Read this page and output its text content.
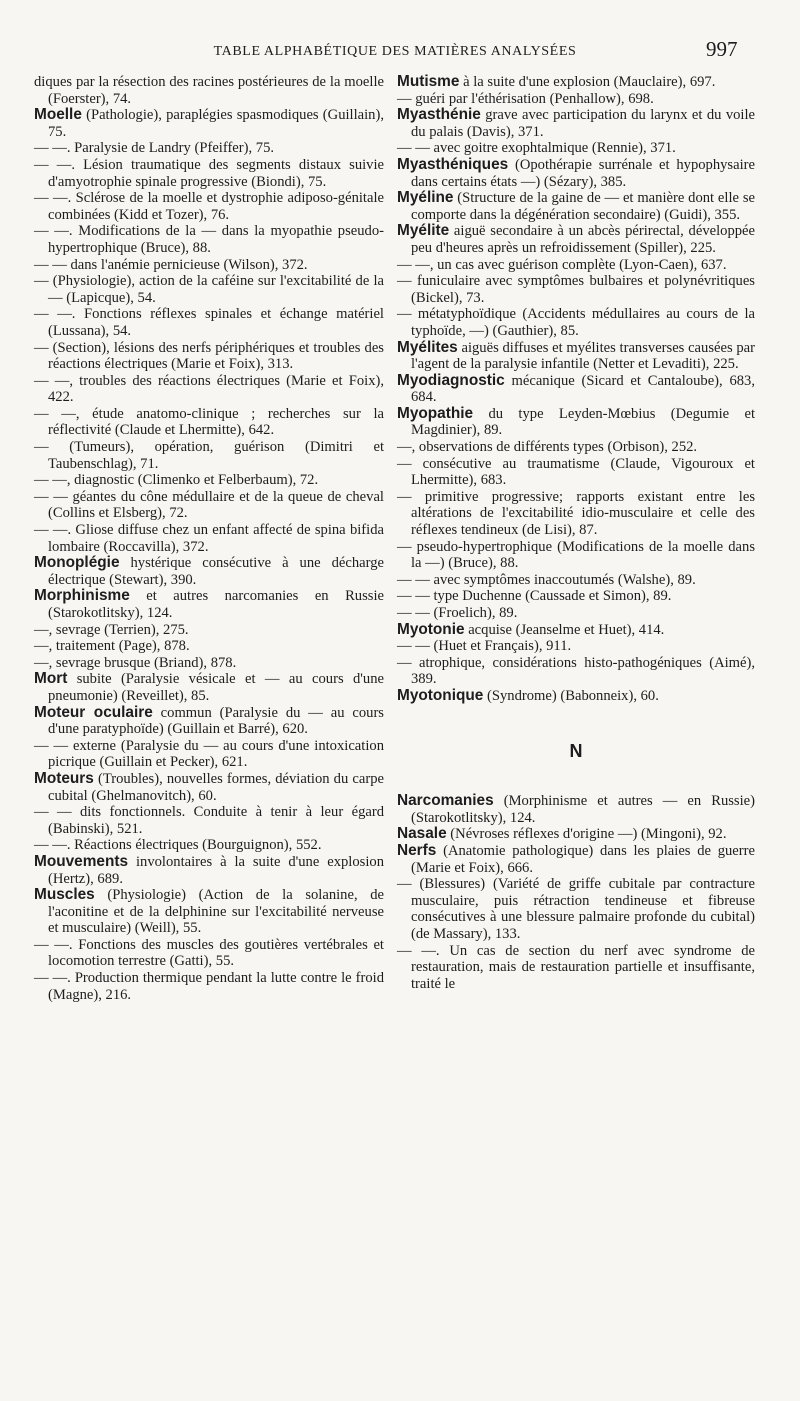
TABLE ALPHABÉTIQUE DES MATIÈRES ANALYSÉES	997

diques par la résection des racines postérieures de la moelle (Foerster), 74.

Moelle (Pathologie), paraplégies spasmodiques (Guillain), 75.

— —. Paralysie de Landry (Pfeiffer), 75.

— —. Lésion traumatique des segments distaux suivie d'amyotrophie spinale progressive (Biondi), 75.

— —. Sclérose de la moelle et dystrophie adiposo-génitale combinées (Kidd et Tozer), 76.

— —. Modifications de la — dans la myopathie pseudo-hypertrophique (Bruce), 88.

— — dans l'anémie pernicieuse (Wilson), 372.

— (Physiologie), action de la caféine sur l'excitabilité de la — (Lapicque), 54.

— —. Fonctions réflexes spinales et échange matériel (Lussana), 54.

— (Section), lésions des nerfs périphériques et troubles des réactions électriques (Marie et Foix), 313.

— —, troubles des réactions électriques (Marie et Foix), 422.

— —, étude anatomo-clinique ; recherches sur la réflectivité (Claude et Lhermitte), 642.

— (Tumeurs), opération, guérison (Dimitri et Taubenschlag), 71.

— —, diagnostic (Climenko et Felberbaum), 72.

— — géantes du cône médullaire et de la queue de cheval (Collins et Elsberg), 72.

— —. Gliose diffuse chez un enfant affecté de spina bifida lombaire (Roccavilla), 372.

Monoplégie hystérique consécutive à une décharge électrique (Stewart), 390.

Morphinisme et autres narcomanies en Russie (Starokotlitsky), 124.

—, sevrage (Terrien), 275.

—, traitement (Page), 878.

—, sevrage brusque (Briand), 878.

Mort subite (Paralysie vésicale et — au cours d'une pneumonie) (Reveillet), 85.

Moteur oculaire commun (Paralysie du — au cours d'une paratyphoïde) (Guillain et Barré), 620.

— — externe (Paralysie du — au cours d'une intoxication picrique (Guillain et Pecker), 621.

Moteurs (Troubles), nouvelles formes, déviation du carpe cubital (Ghelmanovitch), 60.

— — dits fonctionnels. Conduite à tenir à leur égard (Babinski), 521.

— —. Réactions électriques (Bourguignon), 552.

Mouvements involontaires à la suite d'une explosion (Hertz), 689.

Muscles (Physiologie) (Action de la solanine, de l'aconitine et de la delphinine sur l'excitabilité nerveuse et musculaire) (Weill), 55.

— —. Fonctions des muscles des goutières vertébrales et locomotion terrestre (Gatti), 55.

— —. Production thermique pendant la lutte contre le froid (Magne), 216.

Mutisme à la suite d'une explosion (Mauclaire), 697.

— guéri par l'éthérisation (Penhallow), 698.

Myasthénie grave avec participation du larynx et du voile du palais (Davis), 371.

— — avec goitre exophtalmique (Rennie), 371.

Myasthéniques (Opothérapie surrénale et hypophysaire dans certains états —) (Sézary), 385.

Myéline (Structure de la gaine de — et manière dont elle se comporte dans la dégénération secondaire) (Guidi), 355.

Myélite aiguë secondaire à un abcès périrectal, développée peu d'heures après un refroidissement (Spiller), 225.

— —, un cas avec guérison complète (Lyon-Caen), 637.

— funiculaire avec symptômes bulbaires et polynévritiques (Bickel), 73.

— métatyphoïdique (Accidents médullaires au cours de la typhoïde, —) (Gauthier), 85.

Myélites aiguës diffuses et myélites transverses causées par l'agent de la paralysie infantile (Netter et Levaditi), 225.

Myodiagnostic mécanique (Sicard et Cantaloube), 683, 684.

Myopathie du type Leyden-Mœbius (Degumie et Magdinier), 89.

—, observations de différents types (Orbison), 252.

— consécutive au traumatisme (Claude, Vigouroux et Lhermitte), 683.

— primitive progressive; rapports existant entre les altérations de l'excitabilité idio-musculaire et celle des réflexes tendineux (de Lisi), 87.

— pseudo-hypertrophique (Modifications de la moelle dans la —) (Bruce), 88.

— — avec symptômes inaccoutumés (Walshe), 89.

— — type Duchenne (Caussade et Simon), 89.

— — (Froelich), 89.

Myotonie acquise (Jeanselme et Huet), 414.

— — (Huet et Français), 911.

— atrophique, considérations histo-pathogéniques (Aimé), 389.

Myotonique (Syndrome) (Babonneix), 60.

N

Narcomanies (Morphinisme et autres — en Russie) (Starokotlitsky), 124.

Nasale (Névroses réflexes d'origine —) (Mingoni), 92.

Nerfs (Anatomie pathologique) dans les plaies de guerre (Marie et Foix), 666.

— (Blessures) (Variété de griffe cubitale par contracture musculaire, puis rétraction tendineuse et fibreuse consécutives à une blessure palmaire profonde du cubital) (de Massary), 133.

— —. Un cas de section du nerf avec syndrome de restauration, mais de restauration partielle et insuffisante, traité le
